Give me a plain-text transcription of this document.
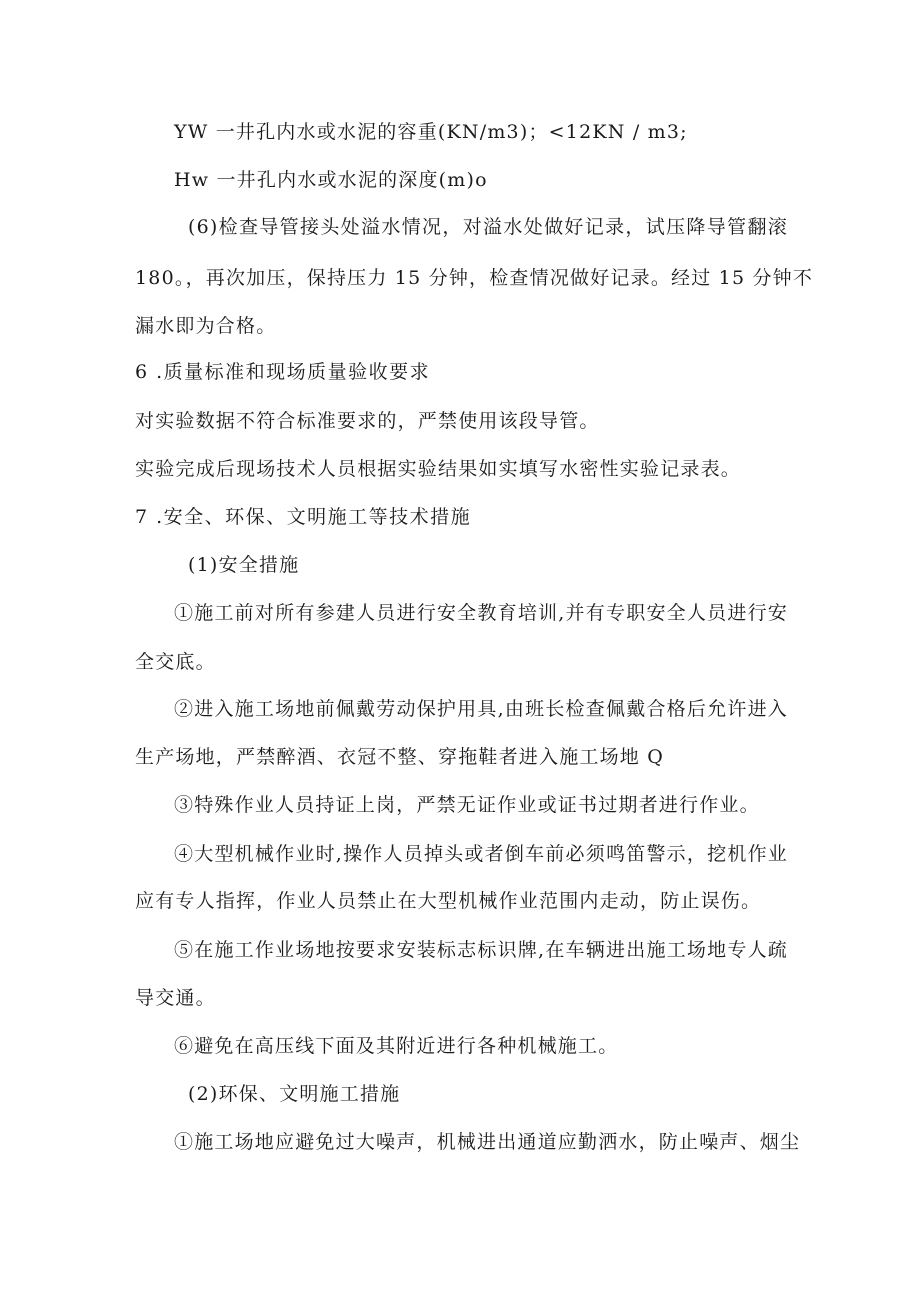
YW 一井孔内水或水泥的容重(KN/m3)；<12KN / m3;
Hw 一井孔内水或水泥的深度(m)o
(6)检查导管接头处溢水情况，对溢水处做好记录，试压降导管翻滚
180。，再次加压，保持压力 15 分钟，检查情况做好记录。经过 15 分钟不
漏水即为合格。
6 .质量标准和现场质量验收要求
对实验数据不符合标准要求的，严禁使用该段导管。
实验完成后现场技术人员根据实验结果如实填写水密性实验记录表。
7 .安全、环保、文明施工等技术措施
(1)安全措施
①施工前对所有参建人员进行安全教育培训,并有专职安全人员进行安
全交底。
②进入施工场地前佩戴劳动保护用具,由班长检查佩戴合格后允许进入
生产场地，严禁醉酒、衣冠不整、穿拖鞋者进入施工场地 Q
③特殊作业人员持证上岗，严禁无证作业或证书过期者进行作业。
④大型机械作业时,操作人员掉头或者倒车前必须鸣笛警示，挖机作业
应有专人指挥，作业人员禁止在大型机械作业范围内走动，防止误伤。
⑤在施工作业场地按要求安装标志标识牌,在车辆进出施工场地专人疏
导交通。
⑥避免在高压线下面及其附近进行各种机械施工。
(2)环保、文明施工措施
①施工场地应避免过大噪声，机械进出通道应勤洒水，防止噪声、烟尘
